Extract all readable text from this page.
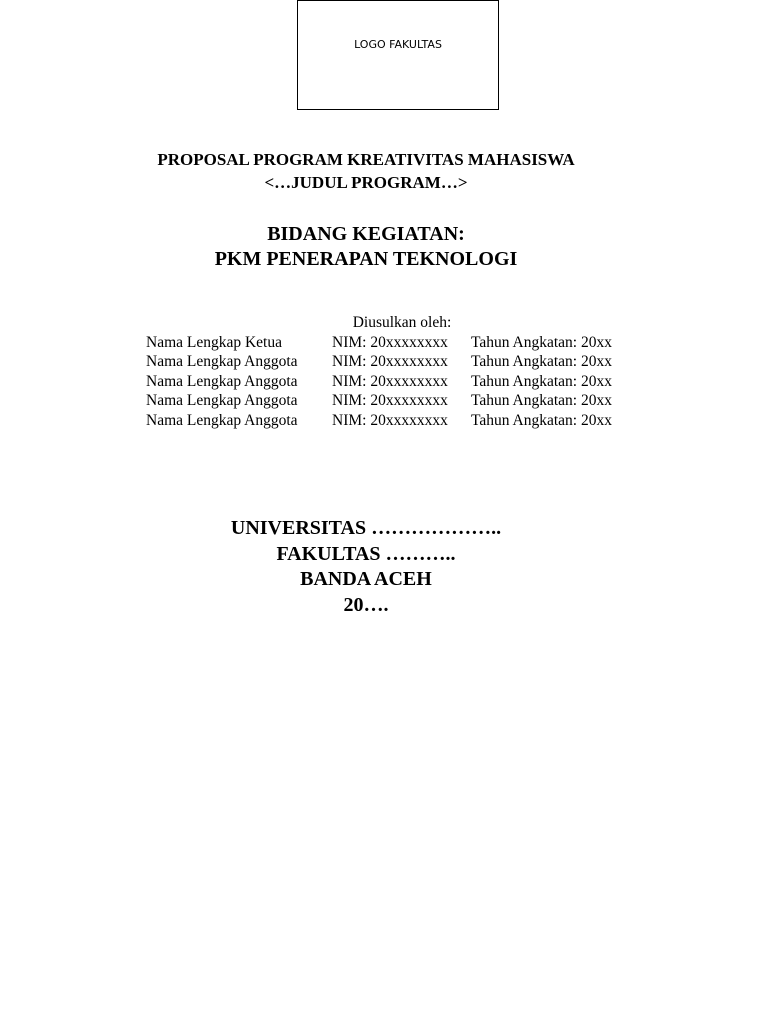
LOGO FAKULTAS
PROPOSAL PROGRAM KREATIVITAS MAHASISWA
<…JUDUL PROGRAM…>
BIDANG KEGIATAN:
PKM PENERAPAN TEKNOLOGI
Diusulkan oleh:
Nama Lengkap Ketua	NIM: 20xxxxxxxx	Tahun Angkatan: 20xx
Nama Lengkap Anggota	NIM: 20xxxxxxxx	Tahun Angkatan: 20xx
Nama Lengkap Anggota	NIM: 20xxxxxxxx	Tahun Angkatan: 20xx
Nama Lengkap Anggota	NIM: 20xxxxxxxx	Tahun Angkatan: 20xx
Nama Lengkap Anggota	NIM: 20xxxxxxxx	Tahun Angkatan: 20xx
UNIVERSITAS ………………..
FAKULTAS ………..
BANDA ACEH
20….
